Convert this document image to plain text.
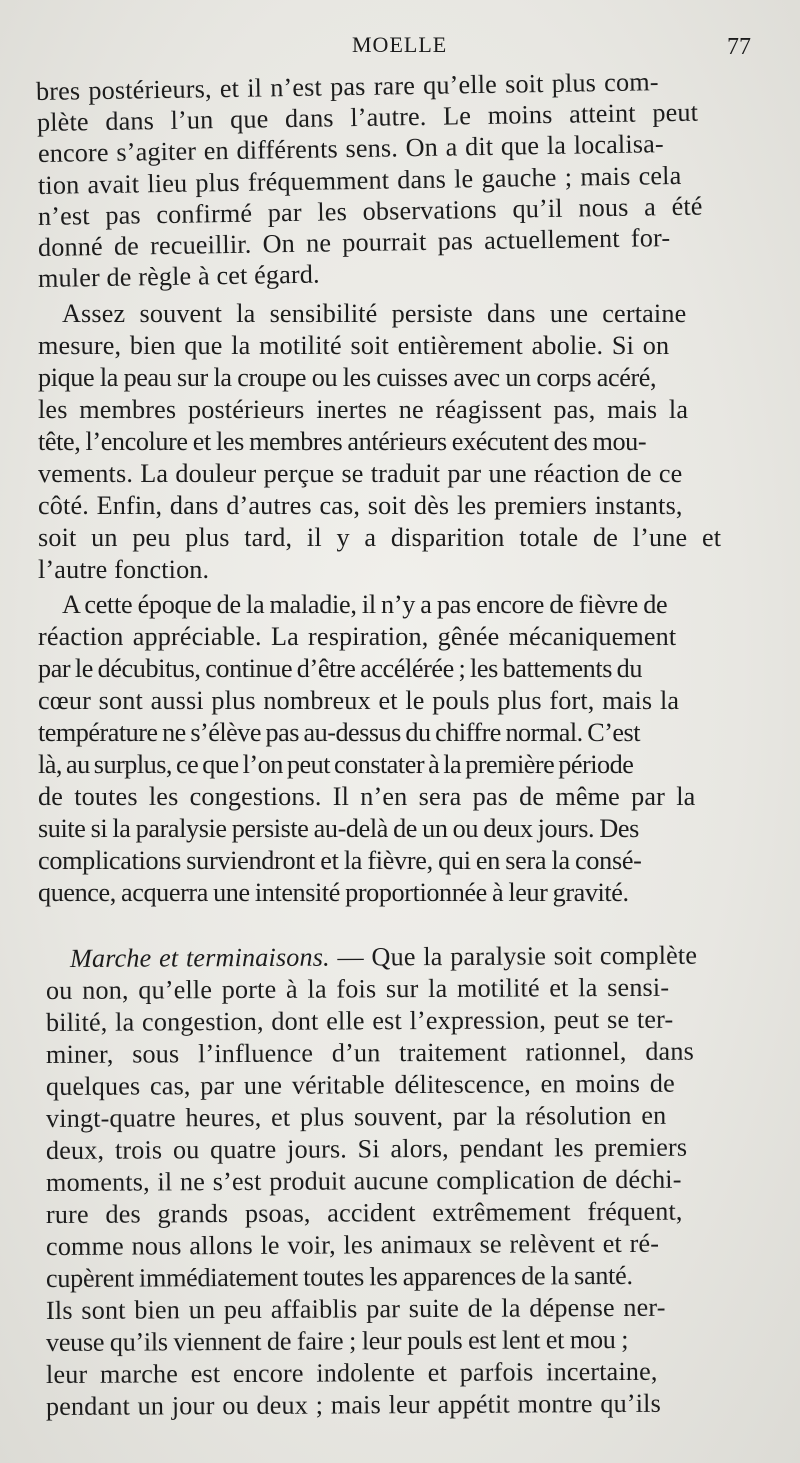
MOELLE	77
bres postérieurs, et il n’est pas rare qu’elle soit plus com-
plète dans l’un que dans l’autre. Le moins atteint peut
encore s’agiter en différents sens. On a dit que la localisa-
tion avait lieu plus fréquemment dans le gauche ; mais cela
n’est pas confirmé par les observations qu’il nous a été
donné de recueillir. On ne pourrait pas actuellement for-
muler de règle à cet égard.
Assez souvent la sensibilité persiste dans une certaine
mesure, bien que la motilité soit entièrement abolie. Si on
pique la peau sur la croupe ou les cuisses avec un corps acéré,
les membres postérieurs inertes ne réagissent pas, mais la
tête, l’encolure et les membres antérieurs exécutent des mou-
vements. La douleur perçue se traduit par une réaction de ce
côté. Enfin, dans d’autres cas, soit dès les premiers instants,
soit un peu plus tard, il y a disparition totale de l’une et
l’autre fonction.
A cette époque de la maladie, il n’y a pas encore de fièvre de
réaction appréciable. La respiration, gênée mécaniquement
par le décubitus, continue d’être accélérée ; les battements du
cœur sont aussi plus nombreux et le pouls plus fort, mais la
température ne s’élève pas au-dessus du chiffre normal. C’est
là, au surplus, ce que l’on peut constater à la première période
de toutes les congestions. Il n’en sera pas de même par la
suite si la paralysie persiste au-delà de un ou deux jours. Des
complications surviendront et la fièvre, qui en sera la consé-
quence, acquerra une intensité proportionnée à leur gravité.
Marche et terminaisons. — Que la paralysie soit complète
ou non, qu’elle porte à la fois sur la motilité et la sensi-
bilité, la congestion, dont elle est l’expression, peut se ter-
miner, sous l’influence d’un traitement rationnel, dans
quelques cas, par une véritable délitescence, en moins de
vingt-quatre heures, et plus souvent, par la résolution en
deux, trois ou quatre jours. Si alors, pendant les premiers
moments, il ne s’est produit aucune complication de déchi-
rure des grands psoas, accident extrêmement fréquent,
comme nous allons le voir, les animaux se relèvent et ré-
cupèrent immédiatement toutes les apparences de la santé.
Ils sont bien un peu affaiblis par suite de la dépense ner-
veuse qu’ils viennent de faire ; leur pouls est lent et mou ;
leur marche est encore indolente et parfois incertaine,
pendant un jour ou deux ; mais leur appétit montre qu’ils
